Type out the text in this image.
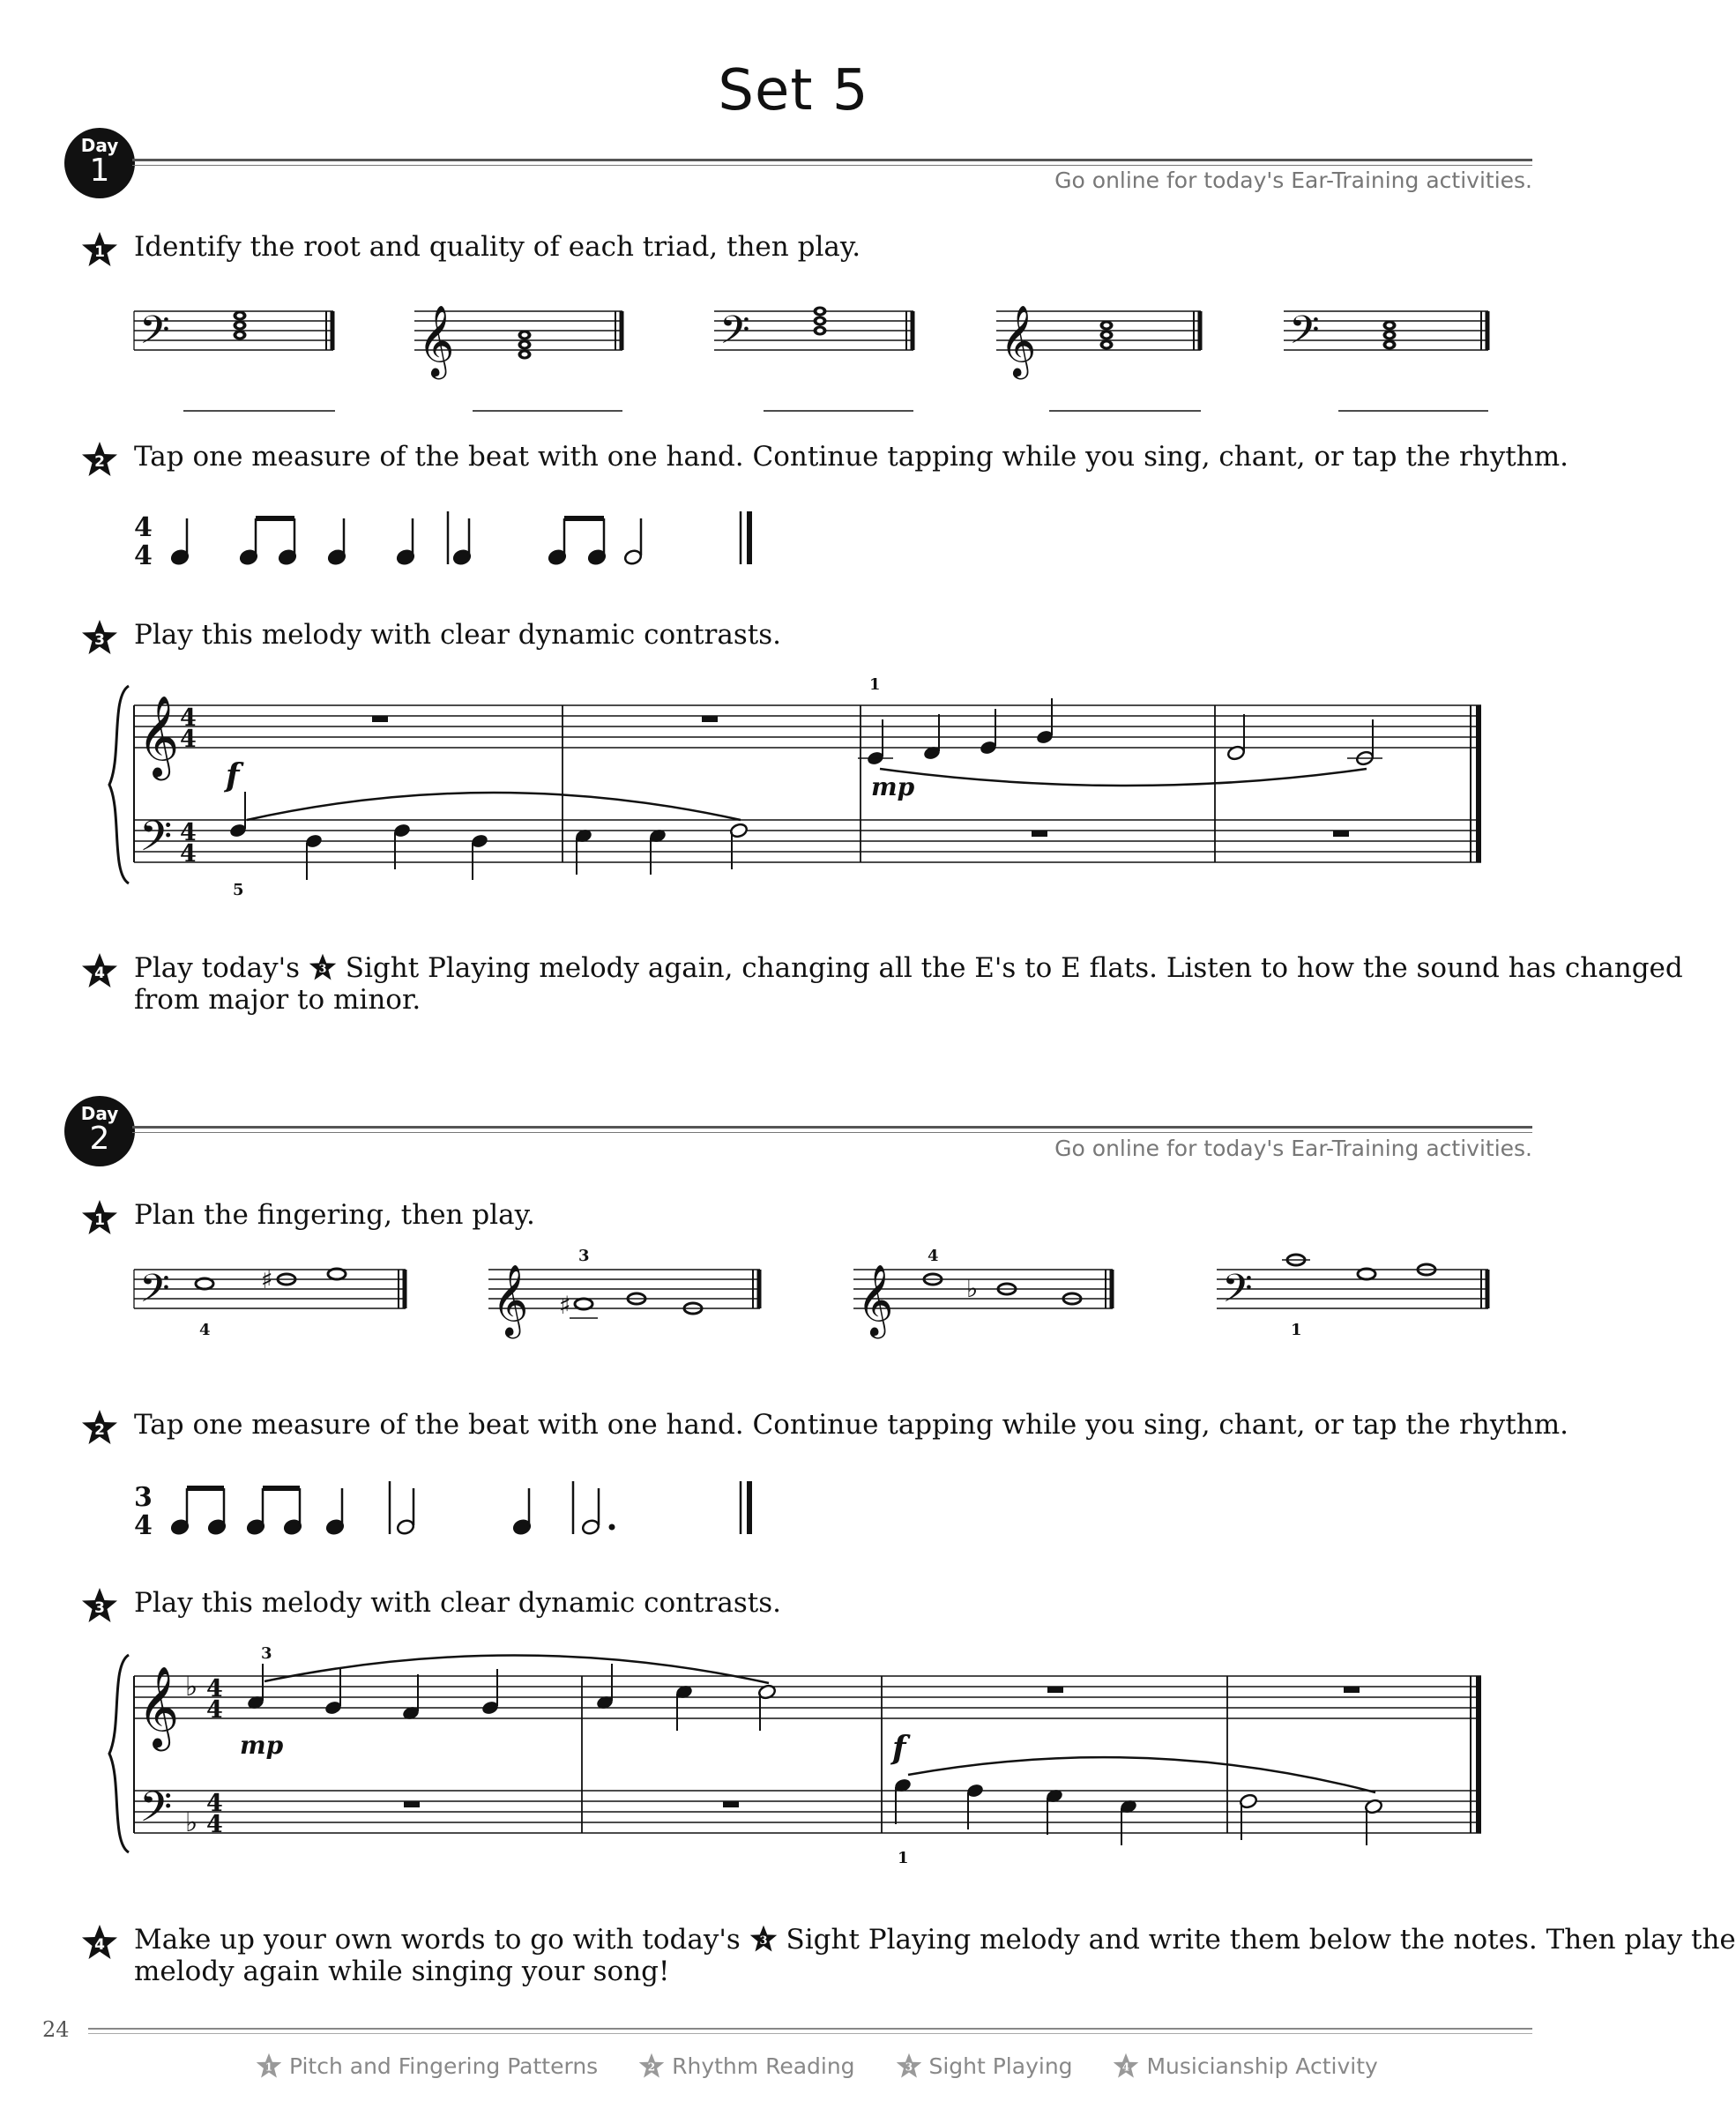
Set 5
Day
1	Go online for today's Ear-Training activities.
1 Identify the root and quality of each triad, then play.
𝄢	𝄢	𝄢
𝄞	𝄞
2 Tap one measure of the beat with one hand. Continue tapping while you sing, chant, or tap the rhythm.
4
4
3 Play this melody with clear dynamic contrasts.
𝄞
𝄢
4
4
4
4
f	mp
1
5
4 Play today's 3 Sight Playing melody again, changing all the E's to E flats. Listen to how the sound has changed
from major to minor.
Day
2	Go online for today's Ear-Training activities.
1 Plan the fingering, then play.
𝄢	𝄢
𝄞	𝄞
♯
♯
♭
4
3	4
1
2 Tap one measure of the beat with one hand. Continue tapping while you sing, chant, or tap the rhythm.
3
4
3 Play this melody with clear dynamic contrasts.
𝄞
𝄢
♭
♭
4
4
4
4
mp	f
3
1
4 Make up your own words to go with today's 3 Sight Playing melody and write them below the notes. Then play the
melody again while singing your song!
24
1 Pitch and Fingering Patterns	2 Rhythm Reading	3 Sight Playing	4 Musicianship Activity
